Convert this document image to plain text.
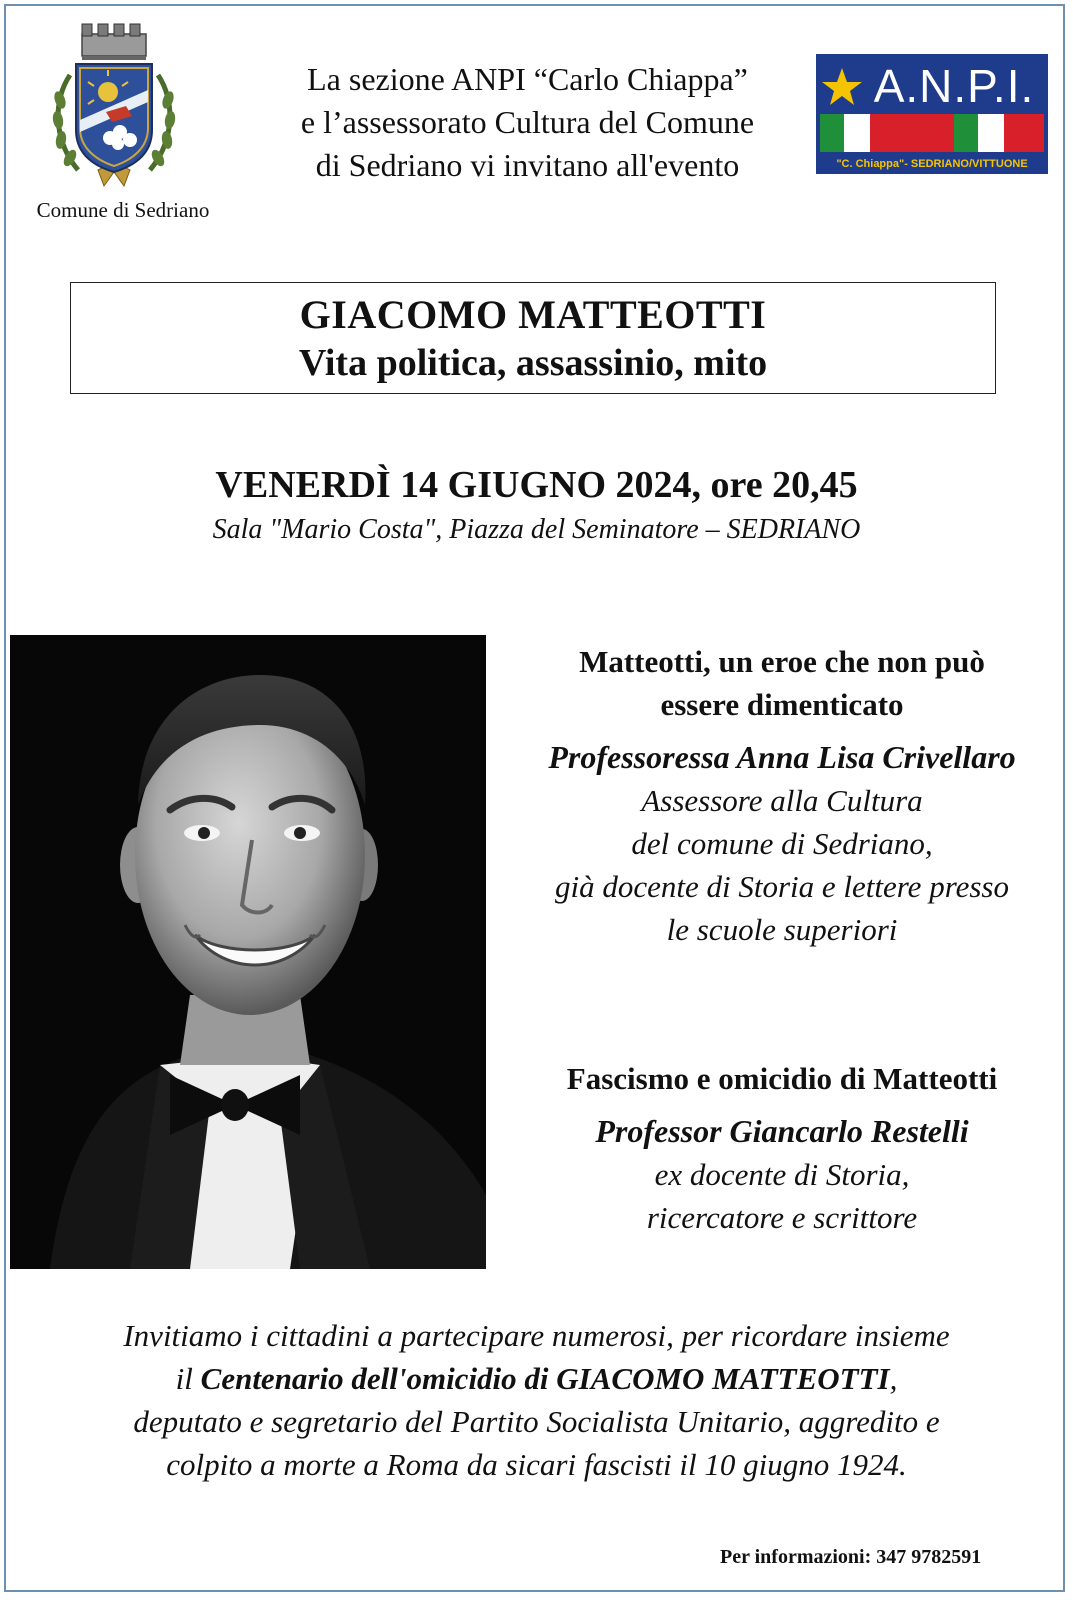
Comune di Sedriano
La sezione ANPI “Carlo Chiappa”
e l’assessorato Cultura del Comune
di Sedriano vi invitano all'evento
A.N.P.I.
"C. Chiappa"- SEDRIANO/VITTUONE
GIACOMO MATTEOTTI
Vita politica, assassinio, mito
VENERDÌ 14 GIUGNO 2024, ore 20,45
Sala "Mario Costa", Piazza del Seminatore – SEDRIANO
Matteotti, un eroe che non può
essere dimenticato
Professoressa Anna Lisa Crivellaro
Assessore alla Cultura
del comune di Sedriano,
già docente di Storia e lettere presso
le scuole superiori
Fascismo e omicidio di Matteotti
Professor Giancarlo Restelli
ex docente di Storia,
ricercatore e scrittore
Invitiamo i cittadini a partecipare numerosi, per ricordare insieme
il Centenario dell'omicidio di GIACOMO MATTEOTTI,
deputato e segretario del Partito Socialista Unitario, aggredito e
colpito a morte a Roma da sicari fascisti il 10 giugno 1924.
Per informazioni: 347 9782591
